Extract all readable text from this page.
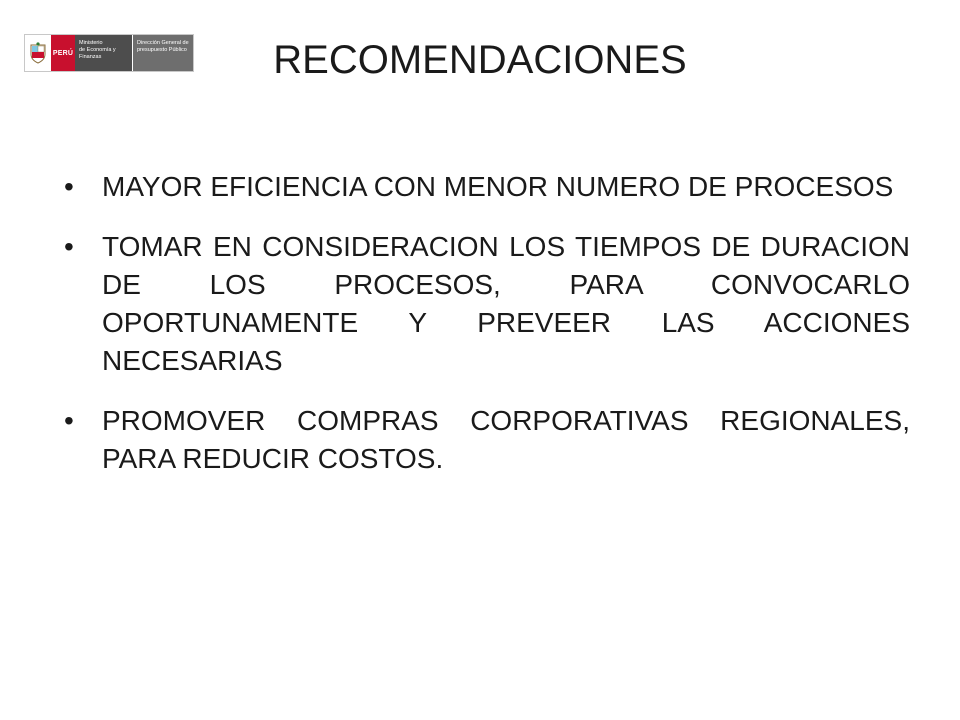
PERÚ
Ministerio
de Economía y Finanzas
Dirección General de
presupuesto Público	RECOMENDACIONES
• MAYOR EFICIENCIA CON MENOR NUMERO DE PROCESOS
• TOMAR EN CONSIDERACION LOS TIEMPOS DE DURACION DE LOS PROCESOS, PARA CONVOCARLO OPORTUNAMENTE Y PREVEER LAS ACCIONES NECESARIAS
• PROMOVER COMPRAS CORPORATIVAS REGIONALES, PARA REDUCIR COSTOS.
